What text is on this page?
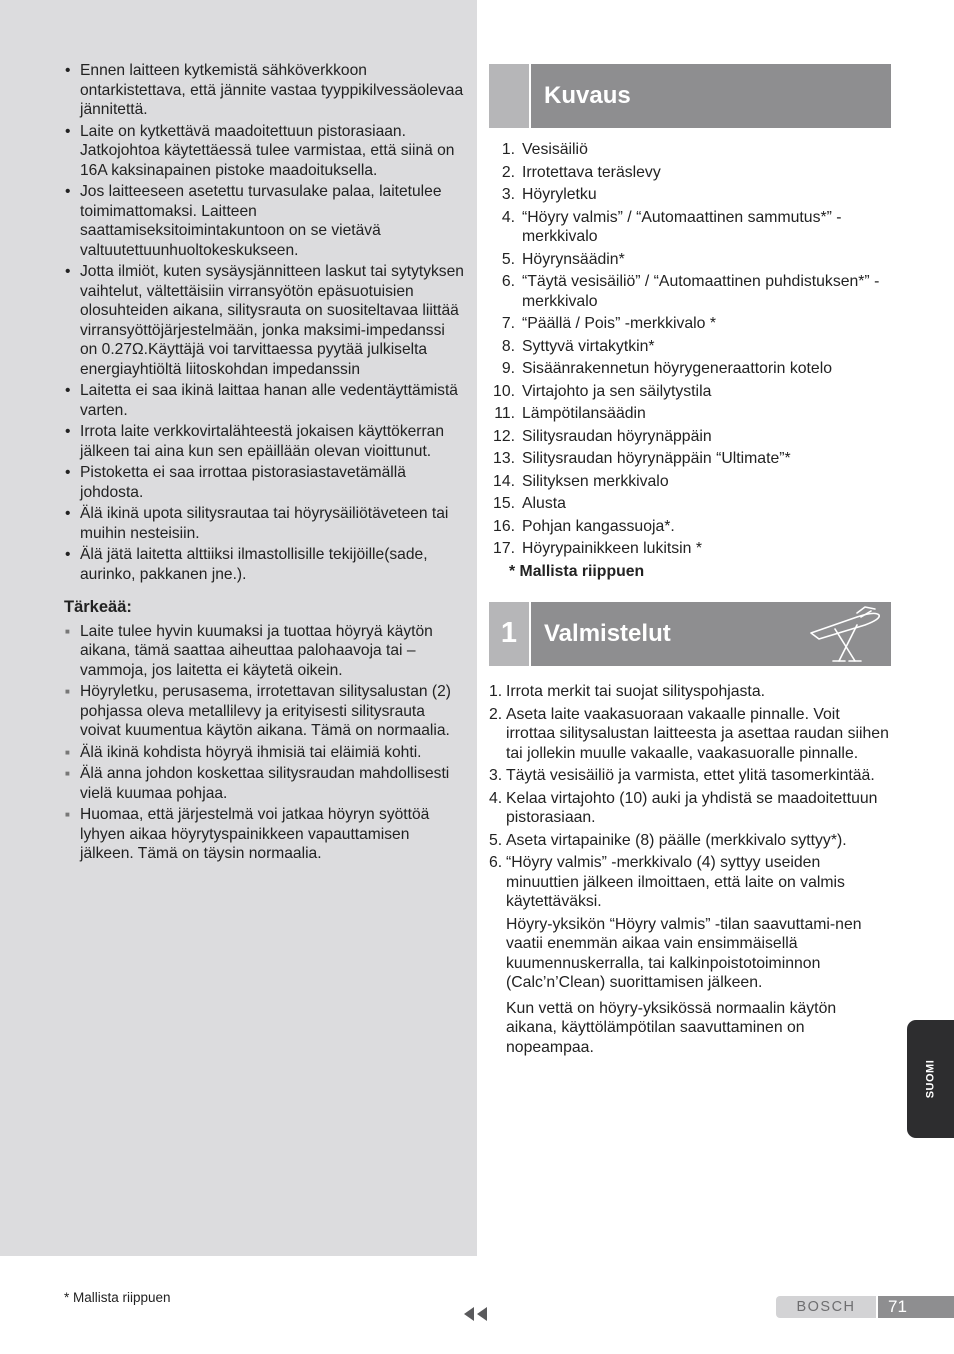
• Ennen laitteen kytkemistä sähköverkkoon ontarkistettava, että jännite vastaa tyyppikilvessäolevaa jännitettä.
• Laite on kytkettävä maadoitettuun pistorasiaan. Jatkojohtoa käytettäessä tulee varmistaa, että siinä on 16A kaksinapainen pistoke maadoituksella.
• Jos laitteeseen asetettu turvasulake palaa, laitetulee toimimattomaksi. Laitteen saattamiseksitoimintakuntoon on se vietävä valtuutettuunhuoltokeskukseen.
• Jotta ilmiöt, kuten sysäysjännitteen laskut tai sytytyksen vaihtelut, vältettäisiin virransyötön epäsuotuisien olosuhteiden aikana, silitysrauta on suositeltavaa liittää virransyöttöjärjestelmään, jonka maksimi-impedanssi on 0.27Ω.Käyttäjä voi tarvittaessa pyytää julkiselta energiayhtiöltä liitoskohdan impedanssin
• Laitetta ei saa ikinä laittaa hanan alle vedentäyttämistä varten.
• Irrota laite verkkovirtalähteestä jokaisen käyttökerran jälkeen tai aina kun sen epäillään olevan vioittunut.
• Pistoketta ei saa irrottaa pistorasiastavetämällä johdosta.
• Älä ikinä upota silitysrautaa tai höyrysäiliötäveteen tai muihin nesteisiin.
• Älä jätä laitetta alttiiksi ilmastollisille tekijöille(sade, aurinko, pakkanen jne.).
Tärkeää:
■ Laite tulee hyvin kuumaksi ja tuottaa höyryä käytön aikana, tämä saattaa aiheuttaa palohaavoja tai –vammoja, jos laitetta ei käytetä oikein.
■ Höyryletku, perusasema, irrotettavan silitysalustan (2) pohjassa oleva metallilevy ja erityisesti silitysrauta voivat kuumentua käytön aikana. Tämä on normaalia.
■ Älä ikinä kohdista höyryä ihmisiä tai eläimiä kohti.
■ Älä anna johdon koskettaa silitysraudan mahdollisesti vielä kuumaa pohjaa.
■ Huomaa, että järjestelmä voi jatkaa höyryn syöttöä lyhyen aikaa höyrytyspainikkeen vapauttamisen jälkeen. Tämä on täysin normaalia.
Kuvaus
1. Vesisäiliö
2. Irrotettava teräslevy
3. Höyryletku
4. “Höyry valmis” / “Automaattinen sammutus*” -merkkivalo
5. Höyrynsäädin*
6. “Täytä vesisäiliö” / “Automaattinen puhdistuksen*” -merkkivalo
7. “Päällä / Pois” -merkkivalo *
8. Syttyvä virtakytkin*
9. Sisäänrakennetun höyrygeneraattorin kotelo
10. Virtajohto ja sen säilytystila
11. Lämpötilansäädin
12. Silitysraudan höyrynäppäin
13. Silitysraudan höyrynäppäin “Ultimate”*
14. Silityksen merkkivalo
15. Alusta
16. Pohjan kangassuoja*.
17. Höyrypainikkeen lukitsin *
* Mallista riippuen
1	Valmistelut
1. Irrota merkit tai suojat silityspohjasta.
2. Aseta laite vaakasuoraan vakaalle pinnalle. Voit irrottaa silitysalustan laitteesta ja asettaa raudan siihen tai jollekin muulle vakaalle, vaakasuoralle pinnalle.
3. Täytä vesisäiliö ja varmista, ettet ylitä tasomerkintää.
4. Kelaa virtajohto (10) auki ja yhdistä se maadoitettuun pistorasiaan.
5. Aseta virtapainike (8) päälle (merkkivalo syttyy*).
6. “Höyry valmis” -merkkivalo (4) syttyy useiden minuuttien jälkeen ilmoittaen, että laite on valmis käytettäväksi.

Höyry-yksikön “Höyry valmis” -tilan saavuttami-nen vaatii enemmän aikaa vain ensimmäisellä kuumennuskerralla, tai kalkinpoistotoiminnon (Calc’n’Clean) suorittamisen jälkeen.

Kun vettä on höyry-yksikössä normaalin käytön aikana, käyttölämpötilan saavuttaminen on nopeampaa.

SUOMI
* Mallista riippuen
BOSCH	71
